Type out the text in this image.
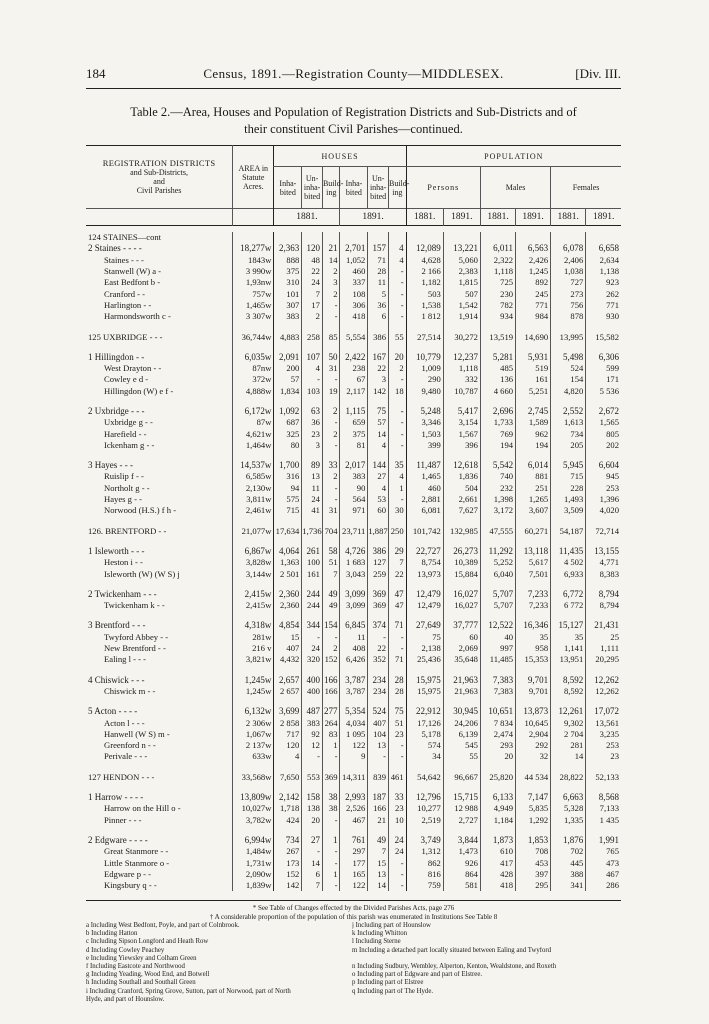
184	Census, 1891.—Registration County—MIDDLESEX.	[Div. III.
Table 2.—Area, Houses and Population of Registration Districts and Sub-Districts and of
their constituent Civil Parishes—continued.
REGISTRATION DISTRICTS
and Sub-Districts,
and
Civil Parishes	AREA in Statute Acres.	HOUSES						POPULATION					
		Inha-bited	Un-inha-bited	Build-ing	Inha-bited	Un-inha-bited	Build-ing	Persons		Males		Females	
		1881.			1891.			1881.	1891.	1881.	1891.	1881.	1891.

124 STAINES—cont													
2 Staines - - - -	18,277w	2,363	120	21	2,701	157	4	12,089	13,221	6,011	6,563	6,078	6,658
Staines - - -	1843w	888	48	14	1,052	71	4	4,628	5,060	2,322	2,426	2,406	2,634
Stanwell (W) a -	3 990w	375	22	2	460	28	-	2 166	2,383	1,118	1,245	1,038	1,138
East Bedfont b -	1,93nw	310	24	3	337	11	-	1,182	1,815	725	892	727	923
Cranford - -	757w	101	7	2	108	5	-	503	507	230	245	273	262
Harlington - -	1,465w	307	17	-	306	36	-	1,538	1,542	782	771	756	771
Harmondsworth c -	3 307w	383	2	-	418	6	-	1 812	1,914	934	984	878	930

125 UXBRIDGE - - -	36,744w	4,883	258	85	5,554	386	55	27,514	30,272	13,519	14,690	13,995	15,582

1 Hillingdon - -	6,035w	2,091	107	50	2,422	167	20	10,779	12,237	5,281	5,931	5,498	6,306
West Drayton - -	87nw	200	4	31	238	22	2	1,009	1,118	485	519	524	599
Cowley e d -	372w	57	-	-	67	3	-	290	332	136	161	154	171
Hillingdon (W) e f -	4,888w	1,834	103	19	2,117	142	18	9,480	10,787	4 660	5,251	4,820	5 536

2 Uxbridge - - -	6,172w	1,092	63	2	1,115	75	-	5,248	5,417	2,696	2,745	2,552	2,672
Uxbridge g - -	87w	687	36	-	659	57	-	3,346	3,154	1,733	1,589	1,613	1,565
Harefield - -	4,621w	325	23	2	375	14	-	1,503	1,567	769	962	734	805
Ickenham g - -	1,464w	80	3	-	81	4	-	399	396	194	194	205	202

3 Hayes - - -	14,537w	1,700	89	33	2,017	144	35	11,487	12,618	5,542	6,014	5,945	6,604
Ruislip f - -	6,585w	316	13	2	383	27	4	1,465	1,836	740	881	715	945
Northolt g - -	2,130w	94	11	-	90	4	1	460	504	232	251	228	253
Hayes g - -	3,811w	575	24	-	564	53	-	2,881	2,661	1,398	1,265	1,493	1,396
Norwood (H.S.) f h -	2,461w	715	41	31	971	60	30	6,081	7,627	3,172	3,607	3,509	4,020

126. BRENTFORD - -	21,077w	17,634	1,736	704	23,711	1,887	250	101,742	132,985	47,555	60,271	54,187	72,714

1 Isleworth - - -	6,867w	4,064	261	58	4,726	386	29	22,727	26,273	11,292	13,118	11,435	13,155
Heston i - -	3,828w	1,363	100	51	1 683	127	7	8,754	10,389	5,252	5,617	4 502	4,771
Isleworth (W) (W S) j	3,144w	2 501	161	7	3,043	259	22	13,973	15,884	6,040	7,501	6,933	8,383

2 Twickenham - - -	2,415w	2,360	244	49	3,099	369	47	12,479	16,027	5,707	7,233	6,772	8,794
Twickenham k - -	2,415w	2,360	244	49	3,099	369	47	12,479	16,027	5,707	7,233	6 772	8,794

3 Brentford - - -	4,318w	4,854	344	154	6,845	374	71	27,649	37,777	12,522	16,346	15,127	21,431
Twyford Abbey - -	281w	15	-	-	11	-	-	75	60	40	35	35	25
New Brentford - -	216 v	407	24	2	408	22	-	2,138	2,069	997	958	1,141	1,111
Ealing l - - -	3,821w	4,432	320	152	6,426	352	71	25,436	35,648	11,485	15,353	13,951	20,295

4 Chiswick - - -	1,245w	2,657	400	166	3,787	234	28	15,975	21,963	7,383	9,701	8,592	12,262
Chiswick m - -	1,245w	2 657	400	166	3,787	234	28	15,975	21,963	7,383	9,701	8,592	12,262

5 Acton - - - -	6,132w	3,699	487	277	5,354	524	75	22,912	30,945	10,651	13,873	12,261	17,072
Acton l - - -	2 306w	2 858	383	264	4,034	407	51	17,126	24,206	7 834	10,645	9,302	13,561
Hanwell (W S) m -	1,067w	717	92	83	1 095	104	23	5,178	6,139	2,474	2,904	2 704	3,235
Greenford n - -	2 137w	120	12	1	122	13	-	574	545	293	292	281	253
Perivale - - -	633w	4	-	-	9	-	-	34	55	20	32	14	23

127 HENDON - - -	33,568w	7,650	553	369	14,311	839	461	54,642	96,667	25,820	44 534	28,822	52,133

1 Harrow - - - -	13,809w	2,142	158	38	2,993	187	33	12,796	15,715	6,133	7,147	6,663	8,568
Harrow on the Hill o -	10,027w	1,718	138	38	2,526	166	23	10,277	12 988	4,949	5,835	5,328	7,133
Pinner - - -	3,782w	424	20	-	467	21	10	2,519	2,727	1,184	1,292	1,335	1 435

2 Edgware - - - -	6,994w	734	27	1	761	49	24	3,749	3,844	1,873	1,853	1,876	1,991
Great Stanmore - -	1,484w	267	-	-	297	7	24	1,312	1,473	610	708	702	765
Little Stanmore o -	1,731w	173	14	-	177	15	-	862	926	417	453	445	473
Edgware p - -	2,090w	152	6	1	165	13	-	816	864	428	397	388	467
Kingsbury q - -	1,839w	142	7	-	122	14	-	759	581	418	295	341	286
* See Table of Changes effected by the Divided Parishes Acts, page 276
† A considerable proportion of the population of this parish was enumerated in Institutions See Table 8
a Including West Bedfont, Poyle, and part of Colnbrook.
b Including Hatton
c Including Sipson Longford and Heath Row
d Including Cowley Peachey
e Including Yiewsley and Colham Green
f Including Eastcote and Northwood
g Including Yeading, Wood End, and Botwell
h Including Southall and Southall Green
i Including Cranford, Spring Grove, Sutton, part of Norwood, part of North
Hyde, and part of Hounslow.
j Including part of Hounslow
k Including Whitton
l Including Sterne
m Including a detached part locally situated between Ealing and Twyford
n Including Sudbury, Wembley, Alperton, Kenton, Wealdstone, and Roxeth
o Including part of Edgware and part of Elstree.
p Including part of Elstree
q Including part of The Hyde.
